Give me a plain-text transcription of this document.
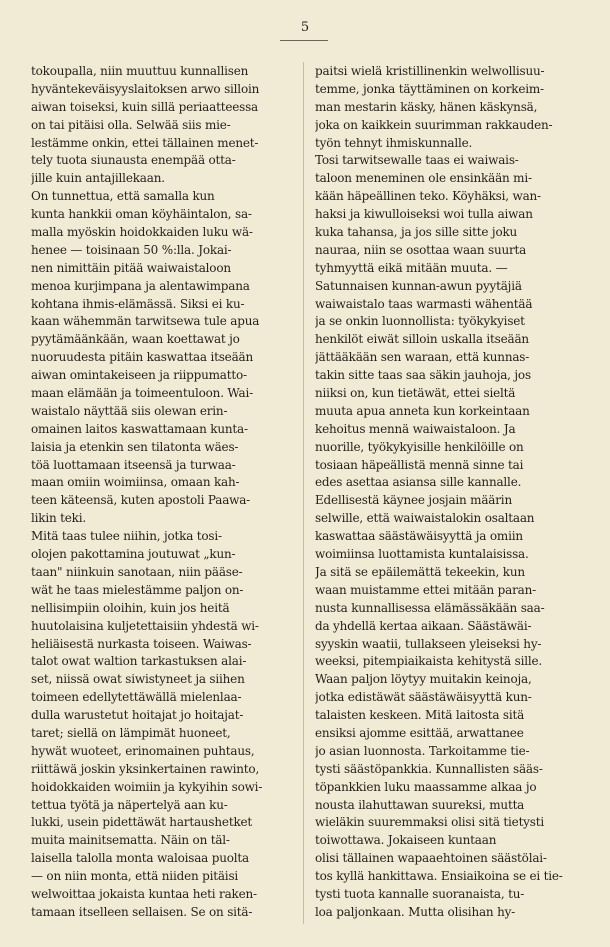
5
tokoupalla, niin muuttuu kunnallisen
hyväntekeväisyyslaitoksen arwo silloin
aiwan toiseksi, kuin sillä periaatteessa
on tai pitäisi olla. Selwää siis mie-
lestämme onkin, ettei tällainen menet-
tely tuota siunausta enempää otta-
jille kuin antajillekaan.
On tunnettua, että samalla kun
kunta hankkii oman köyhäintalon, sa-
malla myöskin hoidokkaiden luku wä-
henee — toisinaan 50 %:lla. Jokai-
nen nimittäin pitää waiwaistaloon
menoa kurjimpana ja alentawimpana
kohtana ihmis-elämässä. Siksi ei ku-
kaan wähemmän tarwitsewa tule apua
pyytämäänkään, waan koettawat jo
nuoruudesta pitäin kaswattaa itseään
aiwan omintakeiseen ja riippumatto-
maan elämään ja toimeentuloon. Wai-
waistalo näyttää siis olewan erin-
omainen laitos kaswattamaan kunta-
laisia ja etenkin sen tilatonta wäes-
töä luottamaan itseensä ja turwaa-
maan omiin woimiinsa, omaan kah-
teen käteensä, kuten apostoli Paawa-
likin teki.
Mitä taas tulee niihin, jotka tosi-
olojen pakottamina joutuwat „kun-
taan" niinkuin sanotaan, niin pääse-
wät he taas mielestämme paljon on-
nellisimpiin oloihin, kuin jos heitä
huutolaisina kuljetettaisiin yhdestä wi-
heliäisestä nurkasta toiseen. Waiwas-
talot owat waltion tarkastuksen alai-
set, niissä owat siwistyneet ja siihen
toimeen edellytettäwällä mielenlaa-
dulla warustetut hoitajat jo hoitajat-
taret; siellä on lämpimät huoneet,
hywät wuoteet, erinomainen puhtaus,
riittäwä joskin yksinkertainen rawinto,
hoidokkaiden woimiin ja kykyihin sowi-
tettua työtä ja näpertelyä aan ku-
lukki, usein pidettäwät hartaushetket
muita mainitsematta. Näin on täl-
laisella talolla monta waloisaa puolta
— on niin monta, että niiden pitäisi
welwoittaa jokaista kuntaa heti raken-
tamaan itselleen sellaisen. Se on sitä-
paitsi wielä kristillinenkin welwollisuu-
temme, jonka täyttäminen on korkeim-
man mestarin käsky, hänen käskynsä,
joka on kaikkein suurimman rakkauden-
työn tehnyt ihmiskunnalle.
Tosi tarwitsewalle taas ei waiwais-
taloon meneminen ole ensinkään mi-
kään häpeällinen teko. Köyhäksi, wan-
haksi ja kiwulloiseksi woi tulla aiwan
kuka tahansa, ja jos sille sitte joku
nauraa, niin se osottaa waan suurta
tyhmyyttä eikä mitään muuta. —
Satunnaisen kunnan-awun pyytäjiä
waiwaistalo taas warmasti wähentää
ja se onkin luonnollista: työkykyiset
henkilöt eiwät silloin uskalla itseään
jättääkään sen waraan, että kunnas-
takin sitte taas saa säkin jauhoja, jos
niiksi on, kun tietäwät, ettei sieltä
muuta apua anneta kun korkeintaan
kehoitus mennä waiwaistaloon. Ja
nuorille, työkykyisille henkilöille on
tosiaan häpeällistä mennä sinne tai
edes asettaa asiansa sille kannalle.
Edellisestä käynee josjain määrin
selwille, että waiwaistalokin osaltaan
kaswattaa säästäwäisyyttä ja omiin
woimiinsa luottamista kuntalaisissa.
Ja sitä se epäilemättä tekeekin, kun
waan muistamme ettei mitään paran-
nusta kunnallisessa elämässäkään saa-
da yhdellä kertaa aikaan. Säästäwäi-
syyskin waatii, tullakseen yleiseksi hy-
weeksi, pitempiaikaista kehitystä sille.
Waan paljon löytyy muitakin keinoja,
jotka edistäwät säästäwäisyyttä kun-
talaisten keskeen. Mitä laitosta sitä
ensiksi ajomme esittää, arwattanee
jo asian luonnosta. Tarkoitamme tie-
tysti säästöpankkia. Kunnallisten sääs-
töpankkien luku maassamme alkaa jo
nousta ilahuttawan suureksi, mutta
wieläkin suuremmaksi olisi sitä tietysti
toiwottawa. Jokaiseen kuntaan
olisi tällainen wapaaehtoinen säästölai-
tos kyllä hankittawa. Ensiaikoina se ei tie-
tysti tuota kannalle suoranaista, tu-
loa paljonkaan. Mutta olisihan hy-
